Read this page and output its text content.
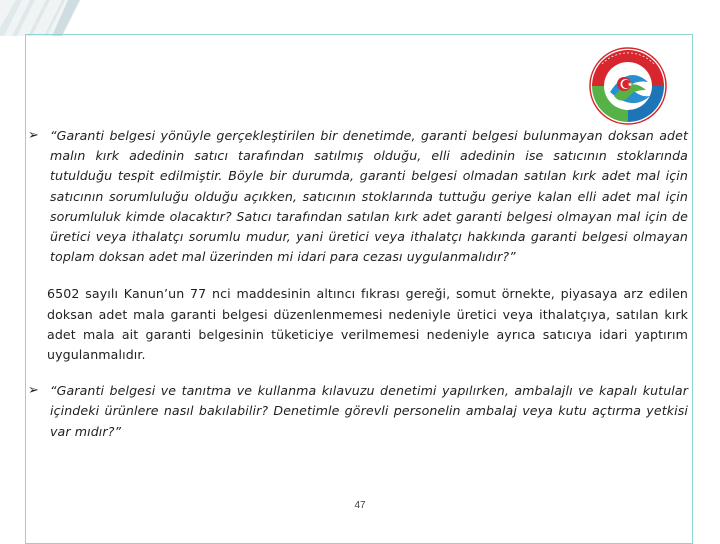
➢ “Garanti belgesi yönüyle gerçekleştirilen bir denetimde, garanti belgesi bulunmayan doksan adet malın kırk adedinin satıcı tarafından satılmış olduğu, elli adedinin ise satıcının stoklarında tutulduğu tespit edilmiştir. Böyle bir durumda, garanti belgesi olmadan satılan kırk adet mal için satıcının sorumluluğu olduğu açıkken, satıcının stoklarında tuttuğu geriye kalan elli adet mal için sorumluluk kimde olacaktır? Satıcı tarafından satılan kırk adet garanti belgesi olmayan mal için de üretici veya ithalatçı sorumlu mudur, yani üretici veya ithalatçı hakkında garanti belgesi olmayan toplam doksan adet mal üzerinden mi idari para cezası uygulanmalıdır?”
6502 sayılı Kanun’un 77 nci maddesinin altıncı fıkrası gereği, somut örnekte, piyasaya arz edilen doksan adet mala garanti belgesi düzenlenmemesi nedeniyle üretici veya ithalatçıya, satılan kırk adet mala ait garanti belgesinin tüketiciye verilmemesi nedeniyle ayrıca satıcıya idari yaptırım uygulanmalıdır.
➢ “Garanti belgesi ve tanıtma ve kullanma kılavuzu denetimi yapılırken, ambalajlı ve kapalı kutular içindeki ürünlere nasıl bakılabilir? Denetimle görevli personelin ambalaj veya kutu açtırma yetkisi var mıdır?”
47
